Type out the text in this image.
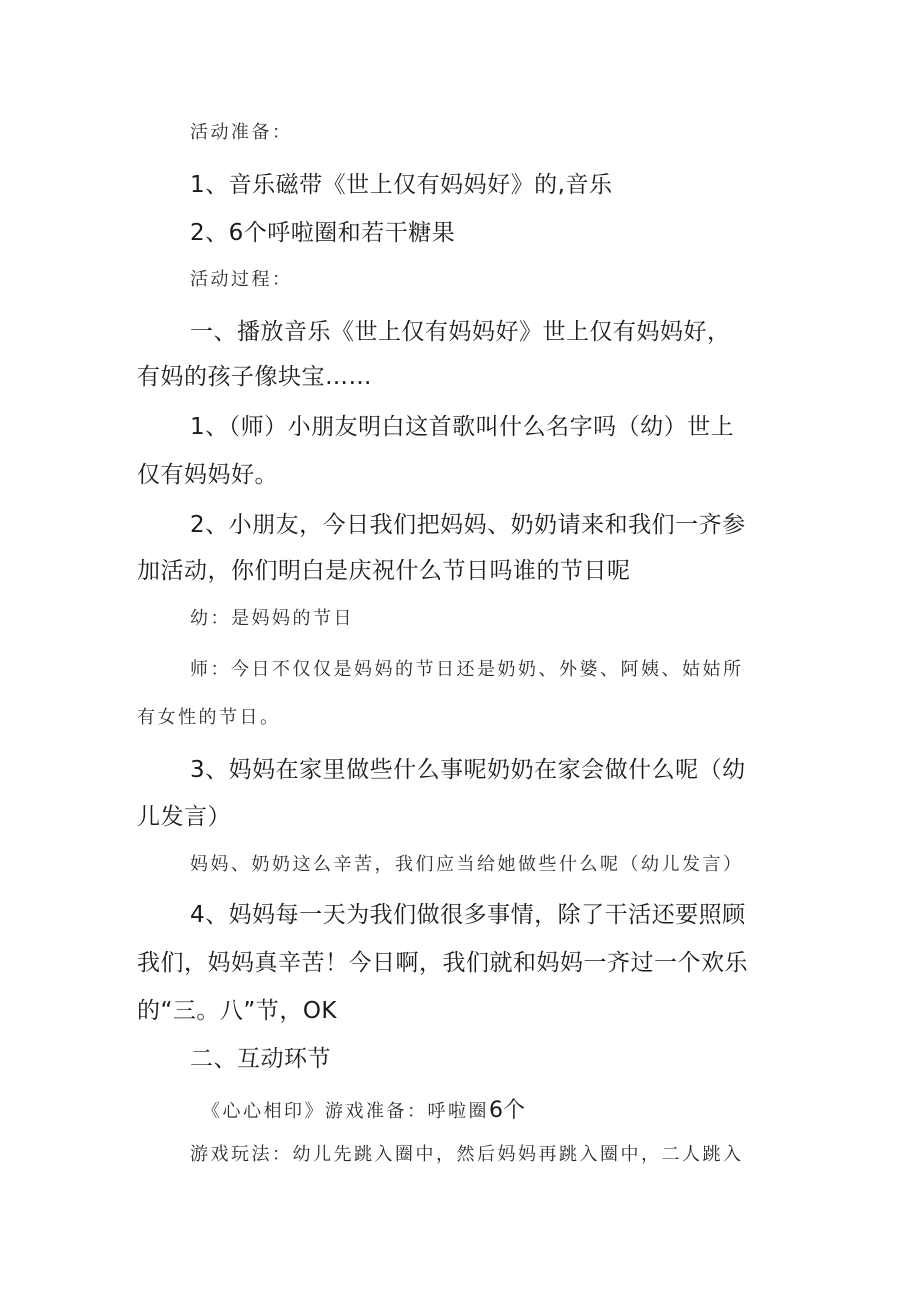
活动准备：

1、音乐磁带《世上仅有妈妈好》的,音乐

2、6个呼啦圈和若干糖果

活动过程：

一、播放音乐《世上仅有妈妈好》世上仅有妈妈好，

有妈的孩子像块宝……

1、（师）小朋友明白这首歌叫什么名字吗（幼）世上

仅有妈妈好。

2、小朋友，今日我们把妈妈、奶奶请来和我们一齐参

加活动，你们明白是庆祝什么节日吗谁的节日呢

幼：是妈妈的节日

师：今日不仅仅是妈妈的节日还是奶奶、外婆、阿姨、姑姑所

有女性的节日。

3、妈妈在家里做些什么事呢奶奶在家会做什么呢（幼

儿发言）

妈妈、奶奶这么辛苦，我们应当给她做些什么呢（幼儿发言）

4、妈妈每一天为我们做很多事情，除了干活还要照顾

我们，妈妈真辛苦！今日啊，我们就和妈妈一齐过一个欢乐

的“三。八”节，OK

二、互动环节

《心心相印》游戏准备：呼啦圈6个

游戏玩法：幼儿先跳入圈中，然后妈妈再跳入圈中，二人跳入
